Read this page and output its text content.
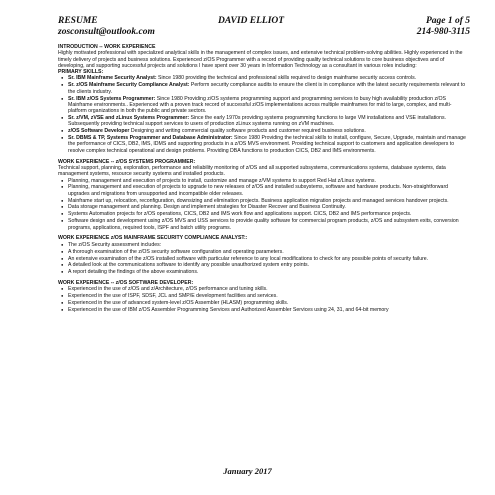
RESUME
zosconsult@outlook.com
DAVID ELLIOT	Page 1 of 5
214-980-3115

INTRODUCTION -- WORK EXPERIENCE

Highly motivated professional with specialized analytical skills in the management of complex issues, and extensive technical problem-solving abilities. Highly experienced in the timely delivery of projects and business solutions. Experienced z/OS Programmer with a record of providing quality technical solutions to core business objectives and of developing, and supporting successful projects and solutions I have spent over 30 years in Information Technology as a consultant in various roles including:

PRIMARY SKILLS:

● Sr. IBM Mainframe Security Analyst: Since 1980 providing the technical and professional skills required to design mainframe security access controls.
● Sr. z/OS Mainframe Security Compliance Analyst: Perform security compliance audits to ensure the client is in compliance with the latest security requirements relevant to the clients industry.
● Sr. IBM z/OS Systems Programmer: Since 1980 Providing z/OS systems programming support and programming services to busy high availability production z/OS Mainframe environments.. Experienced with a proven track record of successful z/OS implementations across multiple mainframes for mid to large, complex, and multi-platform organizations in both the public and private sectors.
● Sr. z/VM, zVSE and zLinux Systems Programmer: Since the early 1970s providing systems programming functions to large VM installations and VSE installations. Subsequently providing technical support services to users of production zLinux systems running on zVM machines.
● z/OS Software Developer Designing and writing commercial quality software products and customer required business solutions.
● Sr. DBMS & TP, Systems Programmer and Database Administrator: Since 1980 Providing the technical skills to install, configure, Secure, Upgrade, maintain and manage the performance of CICS, DB2, IMS, IDMS and supporting products in a z/OS MVS environment. Providing technical support to customers and application developers to resolve complex technical operational and design problems. Providing DBA functions to production CICS, DB2 and IMS environments.

WORK EXPERIENCE -- z/OS SYSTEMS PROGRAMMER:

Technical support, planning, exploration, performance and reliability monitoring of z/OS and all supported subsystems, communications systems, database systems, data management systems, resource security systems and installed products.

● Planning, management and execution of projects to install, customize and manage z/VM systems to support Red Hat z/Linux systems.
● Planning, management and execution of projects to upgrade to new releases of z/OS and installed subsystems, software and hardware products. Non-straightforward upgrades and migrations from unsupported and incompatible older releases.
● Mainframe start up, relocation, reconfiguration, downsizing and elimination projects. Business application migration projects and managed services handover projects.
● Data storage management and planning. Design and implement strategies for Disaster Recover and Business Continuity.
● Systems Automation projects for z/OS operations, CICS, DB2 and IMS work flow and applications support. CICS, DB2 and IMS performance projects.
● Software design and development using z/OS MVS and USS services to provide quality software for commercial program products, z/OS and subsystem exits, conversion programs, applications, required tools, ISPF and batch utility programs.

WORK EXPERIENCE z/OS MAINFRAME SECURITY COMPLIANCE ANALYST::

● The z/OS Security assessment includes:
● A thorough examination of the z/OS security software configuration and operating parameters.
● An extensive examination of the z/OS installed software with particular reference to any local modifications to check for any possible points of security failure.
● A detailed look at the communications software to identify any possible unauthorized system entry points.
● A report detailing the findings of the above examinations.

WORK EXPERIENCE -- z/OS SOFTWARE DEVELOPER:

● Experienced in the use of z/OS and z/Architecture, z/OS performance and tuning skills.
● Experienced in the use of ISPF, SDSF, JCL and SMP/E development facilities and services.
● Experienced in the use of advanced system-level z/OS Assembler (HLASM) programming skills.
● Experienced in the use of IBM z/OS Assembler Programming Services and Authorized Assembler Services using 24, 31, and 64-bit memory
January 2017
